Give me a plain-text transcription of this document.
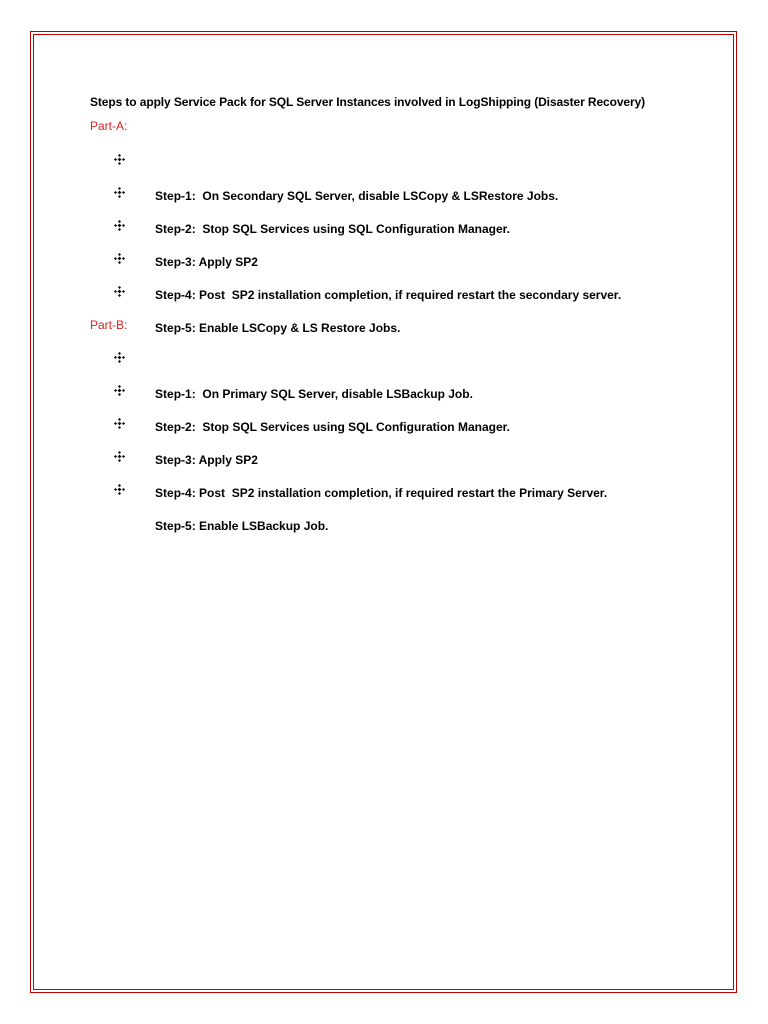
Steps to apply Service Pack for SQL Server Instances involved in LogShipping (Disaster Recovery)

Part-A:

Step-1:  On Secondary SQL Server, disable LSCopy & LSRestore Jobs.

Step-2:  Stop SQL Services using SQL Configuration Manager.

Step-3: Apply SP2

Step-4: Post  SP2 installation completion, if required restart the secondary server.

Step-5: Enable LSCopy & LS Restore Jobs.

Part-B:

Step-1:  On Primary SQL Server, disable LSBackup Job.

Step-2:  Stop SQL Services using SQL Configuration Manager.

Step-3: Apply SP2

Step-4: Post  SP2 installation completion, if required restart the Primary Server.

Step-5: Enable LSBackup Job.
